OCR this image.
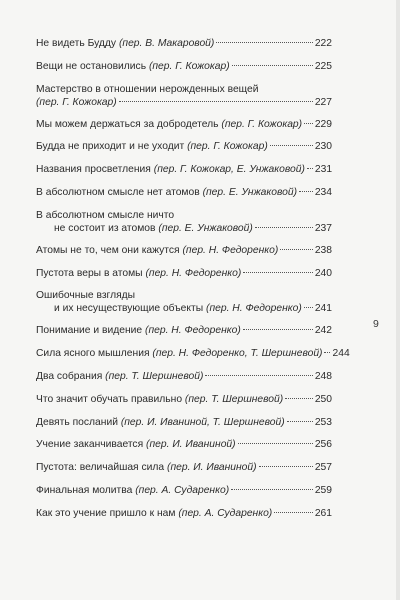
Не видеть Будду (пер. В. Макаровой)	222
Вещи не остановились (пер. Г. Кожокар)	225
Мастерство в отношении нерожденных вещей
(пер. Г. Кожокар)	227
Мы можем держаться за добродетель (пер. Г. Кожокар) 229
Будда не приходит и не уходит (пер. Г. Кожокар)	230
Названия просветления (пер. Г. Кожокар, Е. Унжаковой) 231
В абсолютном смысле нет атомов (пер. Е. Унжаковой) 234
В абсолютном смысле ничто
не состоит из атомов (пер. Е. Унжаковой)	237
Атомы не то, чем они кажутся (пер. Н. Федоренко)	238
Пустота веры в атомы (пер. Н. Федоренко)	240
Ошибочные взгляды
и их несуществующие объекты (пер. Н. Федоренко) 241
Понимание и видение (пер. Н. Федоренко)	242
Сила ясного мышления (пер. Н. Федоренко, Т. Шершневой) 244
Два собрания (пер. Т. Шершневой)	248
Что значит обучать правильно (пер. Т. Шершневой)	250
Девять посланий (пер. И. Иваниной, Т. Шершневой)	253
Учение заканчивается (пер. И. Иваниной)	256
Пустота: величайшая сила (пер. И. Иваниной)	257
Финальная молитва (пер. А. Сударенко)	259
Как это учение пришло к нам (пер. А. Сударенко)	261
9
